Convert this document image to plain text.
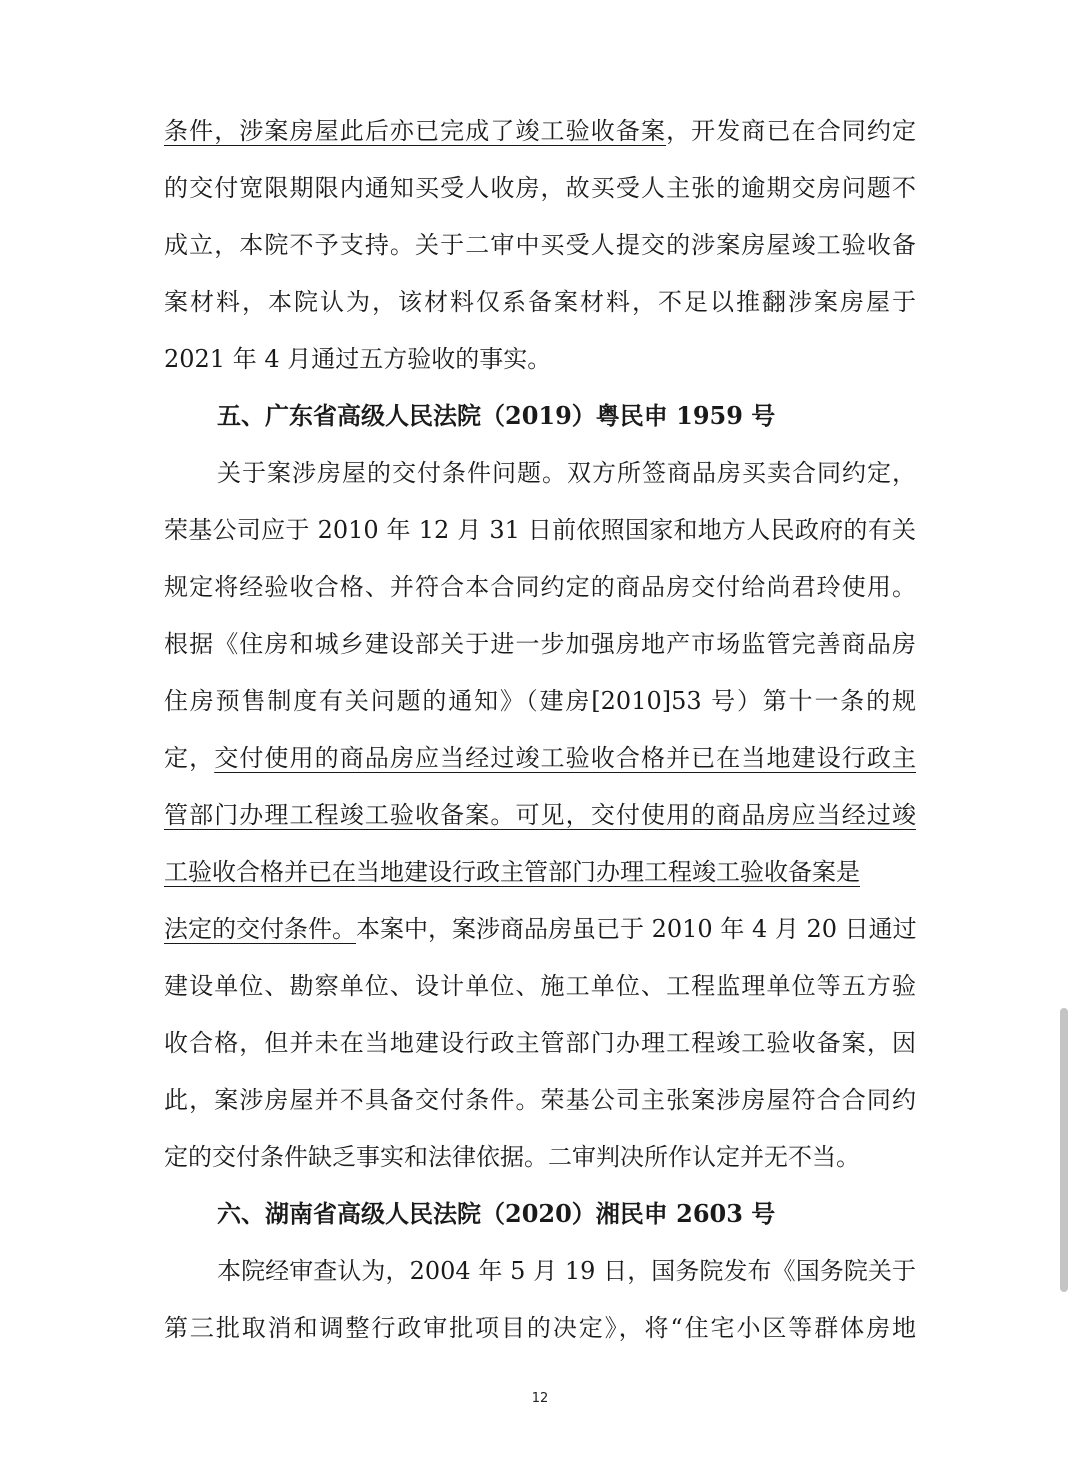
条件，涉案房屋此后亦已完成了竣工验收备案，开发商已在合同约定
的交付宽限期限内通知买受人收房，故买受人主张的逾期交房问题不
成立，本院不予支持。关于二审中买受人提交的涉案房屋竣工验收备
案材料，本院认为，该材料仅系备案材料，不足以推翻涉案房屋于
2021 年 4 月通过五方验收的事实。
五、广东省高级人民法院（2019）粤民申 1959 号
关于案涉房屋的交付条件问题。双方所签商品房买卖合同约定，
荣基公司应于 2010 年 12 月 31 日前依照国家和地方人民政府的有关
规定将经验收合格、并符合本合同约定的商品房交付给尚君玲使用。
根据《住房和城乡建设部关于进一步加强房地产市场监管完善商品房
住房预售制度有关问题的通知》（建房[2010]53 号）第十一条的规
定，交付使用的商品房应当经过竣工验收合格并已在当地建设行政主
管部门办理工程竣工验收备案。可见，交付使用的商品房应当经过竣
工验收合格并已在当地建设行政主管部门办理工程竣工验收备案是
法定的交付条件。本案中，案涉商品房虽已于 2010 年 4 月 20 日通过
建设单位、勘察单位、设计单位、施工单位、工程监理单位等五方验
收合格，但并未在当地建设行政主管部门办理工程竣工验收备案，因
此，案涉房屋并不具备交付条件。荣基公司主张案涉房屋符合合同约
定的交付条件缺乏事实和法律依据。二审判决所作认定并无不当。
六、湖南省高级人民法院（2020）湘民申 2603 号
本院经审查认为，2004 年 5 月 19 日，国务院发布《国务院关于
第三批取消和调整行政审批项目的决定》，将“住宅小区等群体房地
12
